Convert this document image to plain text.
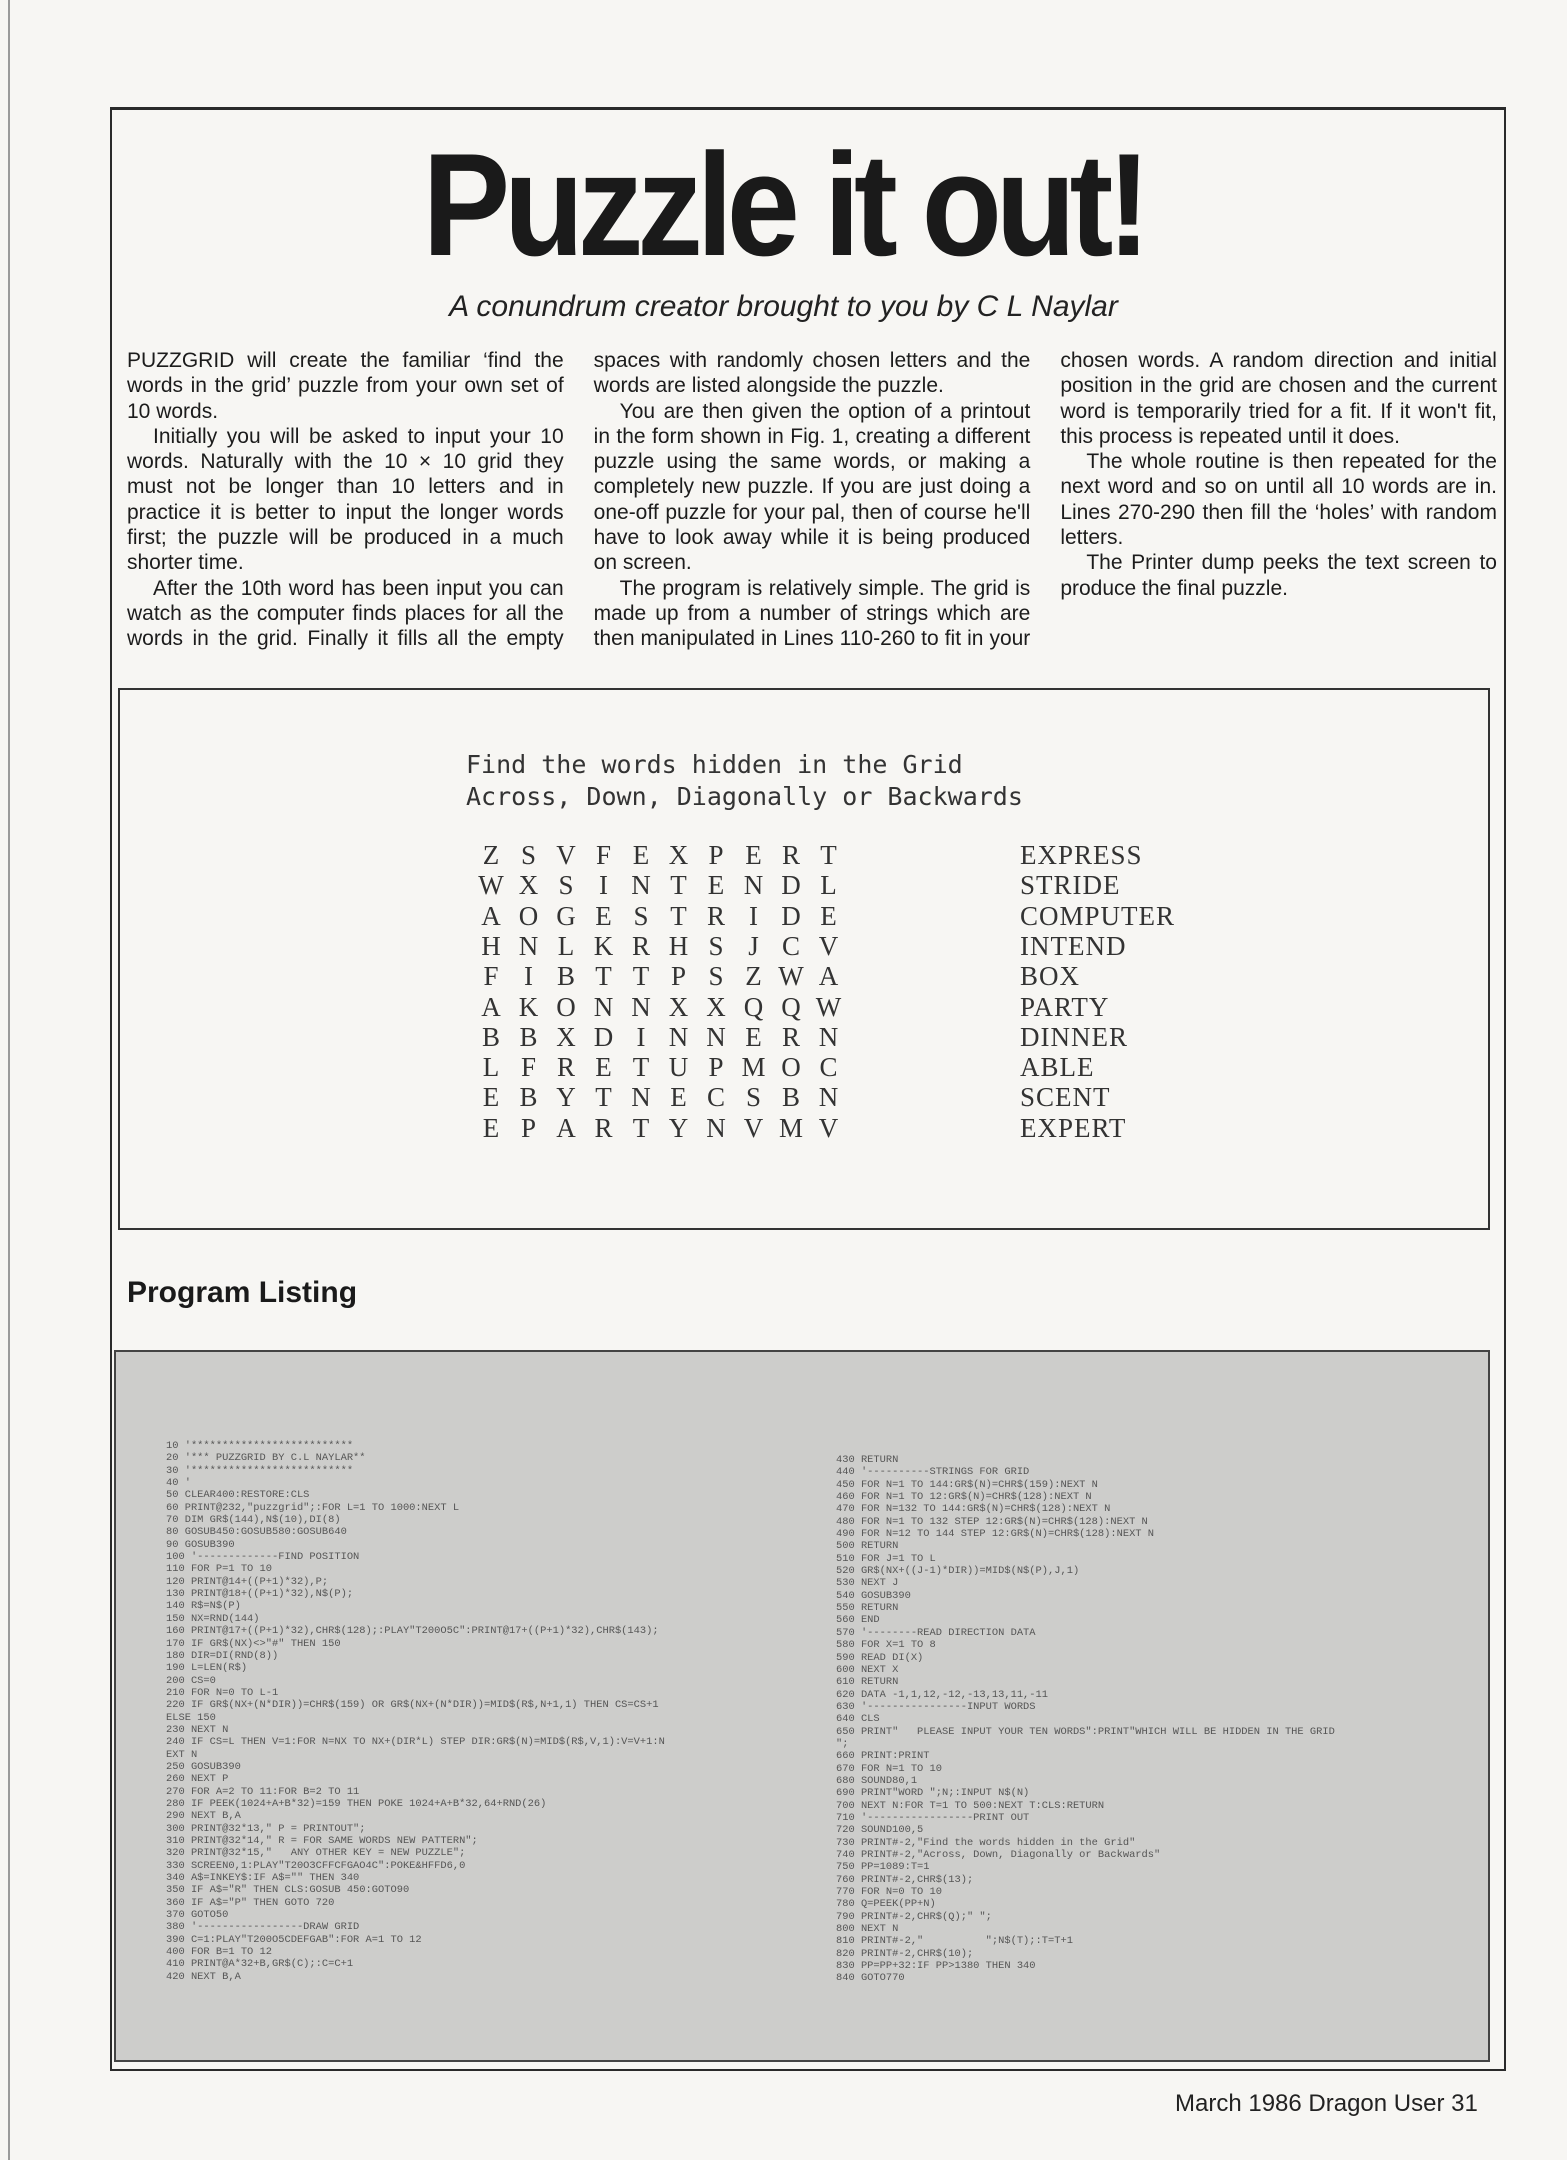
Puzzle it out!
A conundrum creator brought to you by C L Naylar

PUZZGRID will create the familiar ‘find the words in the grid’ puzzle from your own set of 10 words.

Initially you will be asked to input your 10 words. Naturally with the 10 × 10 grid they must not be longer than 10 letters and in practice it is better to input the longer words first; the puzzle will be produced in a much shorter time.

After the 10th word has been input you can watch as the computer finds places for all the words in the grid. Finally it fills all the empty spaces with randomly chosen letters and the words are listed alongside the puzzle.

You are then given the option of a printout in the form shown in Fig. 1, creating a different puzzle using the same words, or making a completely new puzzle. If you are just doing a one-off puzzle for your pal, then of course he'll have to look away while it is being produced on screen.

The program is relatively simple. The grid is made up from a number of strings which are then manipulated in Lines 110-260 to fit in your chosen words. A random direction and initial position in the grid are chosen and the current word is temporarily tried for a fit. If it won't fit, this process is repeated until it does.

The whole routine is then repeated for the next word and so on until all 10 words are in. Lines 270-290 then fill the ‘holes’ with random letters.

The Printer dump peeks the text screen to produce the final puzzle.

Find the words hidden in the Grid
Across, Down, Diagonally or Backwards
Z S V F E X P E R T
W X S I N T E N D L
A O G E S T R I D E
H N L K R H S J C V
F I B T T P S Z W A
A K O N N X X Q Q W
B B X D I N N E R N
L F R E T U P M O C
E B Y T N E C S B N
E P A R T Y N V M V
EXPRESS
STRIDE
COMPUTER
INTEND
BOX
PARTY
DINNER
ABLE
SCENT
EXPERT
Program Listing
10 '**************************
20 '*** PUZZGRID BY C.L NAYLAR**
30 '**************************
40 '
50 CLEAR400:RESTORE:CLS
60 PRINT@232,"puzzgrid";:FOR L=1 TO 1000:NEXT L
70 DIM GR$(144),N$(10),DI(8)
80 GOSUB450:GOSUB580:GOSUB640
90 GOSUB390
100 '-------------FIND POSITION
110 FOR P=1 TO 10
120 PRINT@14+((P+1)*32),P;
130 PRINT@18+((P+1)*32),N$(P);
140 R$=N$(P)
150 NX=RND(144)
160 PRINT@17+((P+1)*32),CHR$(128);:PLAY"T200O5C":PRINT@17+((P+1)*32),CHR$(143);
170 IF GR$(NX)<>"#" THEN 150
180 DIR=DI(RND(8))
190 L=LEN(R$)
200 CS=0
210 FOR N=0 TO L-1
220 IF GR$(NX+(N*DIR))=CHR$(159) OR GR$(NX+(N*DIR))=MID$(R$,N+1,1) THEN CS=CS+1
ELSE 150
230 NEXT N
240 IF CS=L THEN V=1:FOR N=NX TO NX+(DIR*L) STEP DIR:GR$(N)=MID$(R$,V,1):V=V+1:N
EXT N
250 GOSUB390
260 NEXT P
270 FOR A=2 TO 11:FOR B=2 TO 11
280 IF PEEK(1024+A+B*32)=159 THEN POKE 1024+A+B*32,64+RND(26)
290 NEXT B,A
300 PRINT@32*13," P = PRINTOUT";
310 PRINT@32*14," R = FOR SAME WORDS NEW PATTERN";
320 PRINT@32*15,"   ANY OTHER KEY = NEW PUZZLE";
330 SCREEN0,1:PLAY"T20O3CFFCFGAO4C":POKE&HFFD6,0
340 A$=INKEY$:IF A$="" THEN 340
350 IF A$="R" THEN CLS:GOSUB 450:GOTO90
360 IF A$="P" THEN GOTO 720
370 GOTO50
380 '-----------------DRAW GRID
390 C=1:PLAY"T200O5CDEFGAB":FOR A=1 TO 12
400 FOR B=1 TO 12
410 PRINT@A*32+B,GR$(C);:C=C+1
420 NEXT B,A
430 RETURN
440 '----------STRINGS FOR GRID
450 FOR N=1 TO 144:GR$(N)=CHR$(159):NEXT N
460 FOR N=1 TO 12:GR$(N)=CHR$(128):NEXT N
470 FOR N=132 TO 144:GR$(N)=CHR$(128):NEXT N
480 FOR N=1 TO 132 STEP 12:GR$(N)=CHR$(128):NEXT N
490 FOR N=12 TO 144 STEP 12:GR$(N)=CHR$(128):NEXT N
500 RETURN
510 FOR J=1 TO L
520 GR$(NX+((J-1)*DIR))=MID$(N$(P),J,1)
530 NEXT J
540 GOSUB390
550 RETURN
560 END
570 '--------READ DIRECTION DATA
580 FOR X=1 TO 8
590 READ DI(X)
600 NEXT X
610 RETURN
620 DATA -1,1,12,-12,-13,13,11,-11
630 '----------------INPUT WORDS
640 CLS
650 PRINT"   PLEASE INPUT YOUR TEN WORDS":PRINT"WHICH WILL BE HIDDEN IN THE GRID
";
660 PRINT:PRINT
670 FOR N=1 TO 10
680 SOUND80,1
690 PRINT"WORD ";N;:INPUT N$(N)
700 NEXT N:FOR T=1 TO 500:NEXT T:CLS:RETURN
710 '-----------------PRINT OUT
720 SOUND100,5
730 PRINT#-2,"Find the words hidden in the Grid"
740 PRINT#-2,"Across, Down, Diagonally or Backwards"
750 PP=1089:T=1
760 PRINT#-2,CHR$(13);
770 FOR N=0 TO 10
780 Q=PEEK(PP+N)
790 PRINT#-2,CHR$(Q);" ";
800 NEXT N
810 PRINT#-2,"          ";N$(T);:T=T+1
820 PRINT#-2,CHR$(10);
830 PP=PP+32:IF PP>1380 THEN 340
840 GOTO770
March 1986 Dragon User 31
